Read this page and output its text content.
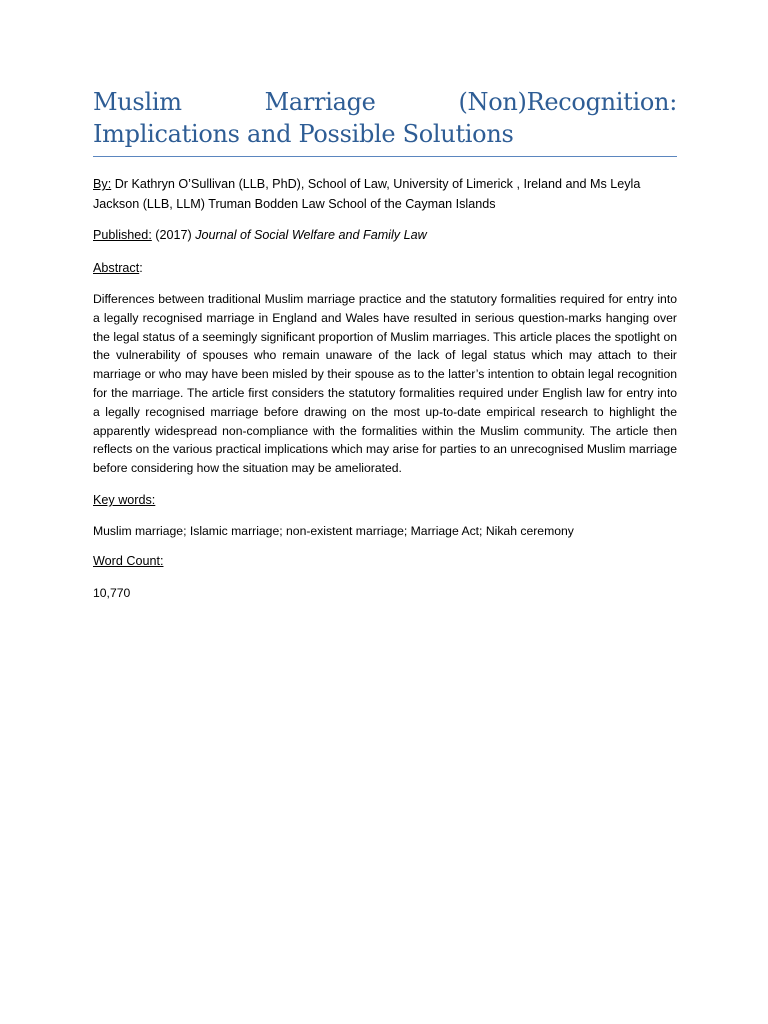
Muslim	Marriage	(Non)Recognition:
Implications and Possible Solutions

By: Dr Kathryn O’Sullivan (LLB, PhD), School of Law, University of Limerick , Ireland and Ms Leyla Jackson (LLB, LLM) Truman Bodden Law School of the Cayman Islands

Published: (2017) Journal of Social Welfare and Family Law

Abstract:

Differences between traditional Muslim marriage practice and the statutory formalities required for entry into a legally recognised marriage in England and Wales have resulted in serious question-marks hanging over the legal status of a seemingly significant proportion of Muslim marriages. This article places the spotlight on the vulnerability of spouses who remain unaware of the lack of legal status which may attach to their marriage or who may have been misled by their spouse as to the latter’s intention to obtain legal recognition for the marriage. The article first considers the statutory formalities required under English law for entry into a legally recognised marriage before drawing on the most up-to-date empirical research to highlight the apparently widespread non-compliance with the formalities within the Muslim community. The article then reflects on the various practical implications which may arise for parties to an unrecognised Muslim marriage before considering how the situation may be ameliorated.

Key words:

Muslim marriage; Islamic marriage; non-existent marriage; Marriage Act; Nikah ceremony

Word Count:

10,770
